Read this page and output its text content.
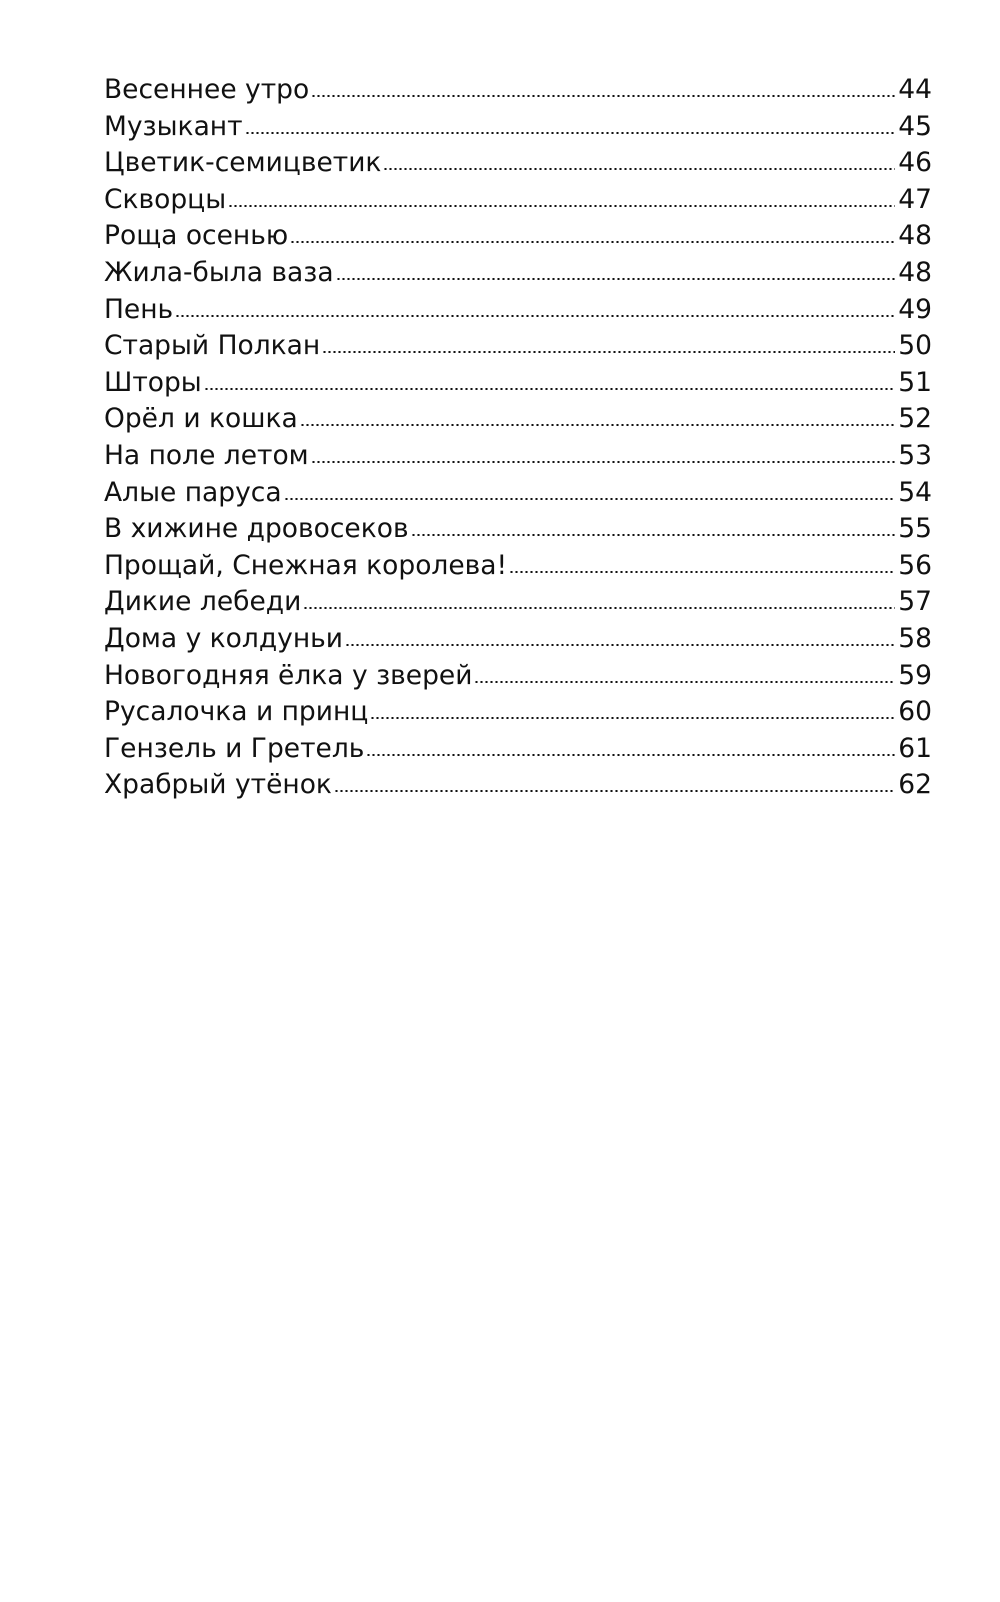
Весеннее утро	44
Музыкант	45
Цветик-семицветик	46
Скворцы	47
Роща осенью	48
Жила-была ваза	48
Пень	49
Старый Полкан	50
Шторы	51
Орёл и кошка	52
На поле летом	53
Алые паруса	54
В хижине дровосеков	55
Прощай, Снежная королева!	56
Дикие лебеди	57
Дома у колдуньи	58
Новогодняя ёлка у зверей	59
Русалочка и принц	60
Гензель и Гретель	61
Храбрый утёнок	62
